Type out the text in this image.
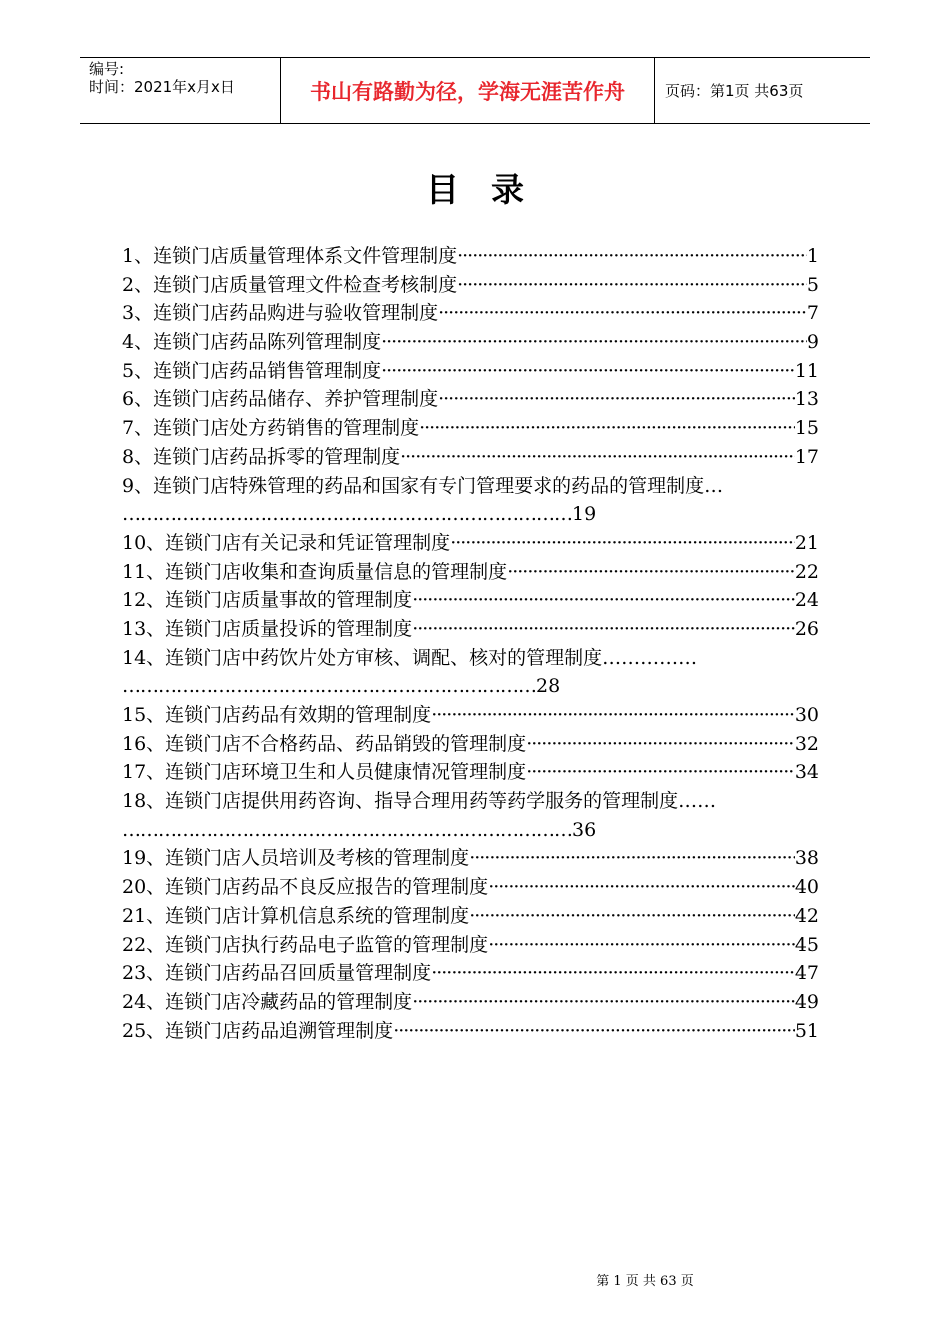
编号:
时间：2021年x月x日	书山有路勤为径，学海无涯苦作舟	页码：第1页 共63页
目录
1、连锁门店质量管理体系文件管理制度 ·····	1
2、连锁门店质量管理文件检查考核制度 ·····	5
3、连锁门店药品购进与验收管理制度 ·····	7
4、连锁门店药品陈列管理制度 ·····	9
5、连锁门店药品销售管理制度 ·····	11
6、连锁门店药品储存、养护管理制度 ·····	13
7、连锁门店处方药销售的管理制度 ·····	15
8、连锁门店药品拆零的管理制度 ·····	17
9、连锁门店特殊管理的药品和国家有专门管理要求的药品的管理制度…
…………………………………………………………………19
10、连锁门店有关记录和凭证管理制度 ·····	21
11、连锁门店收集和查询质量信息的管理制度 ·····	22
12、连锁门店质量事故的管理制度 ·····	24
13、连锁门店质量投诉的管理制度 ·····	26
14、连锁门店中药饮片处方审核、调配、核对的管理制度……………
……………………………………………………………28
15、连锁门店药品有效期的管理制度 ·····	30
16、连锁门店不合格药品、药品销毁的管理制度 ·····	32
17、连锁门店环境卫生和人员健康情况管理制度 ·····	34
18、连锁门店提供用药咨询、指导合理用药等药学服务的管理制度……
…………………………………………………………………36
19、连锁门店人员培训及考核的管理制度 ·····	38
20、连锁门店药品不良反应报告的管理制度 ·····	40
21、连锁门店计算机信息系统的管理制度 ·····	42
22、连锁门店执行药品电子监管的管理制度 ·····	45
23、连锁门店药品召回质量管理制度 ·····	47
24、连锁门店冷藏药品的管理制度 ·····	49
25、连锁门店药品追溯管理制度 ·····	51
第 1 页 共 63 页
